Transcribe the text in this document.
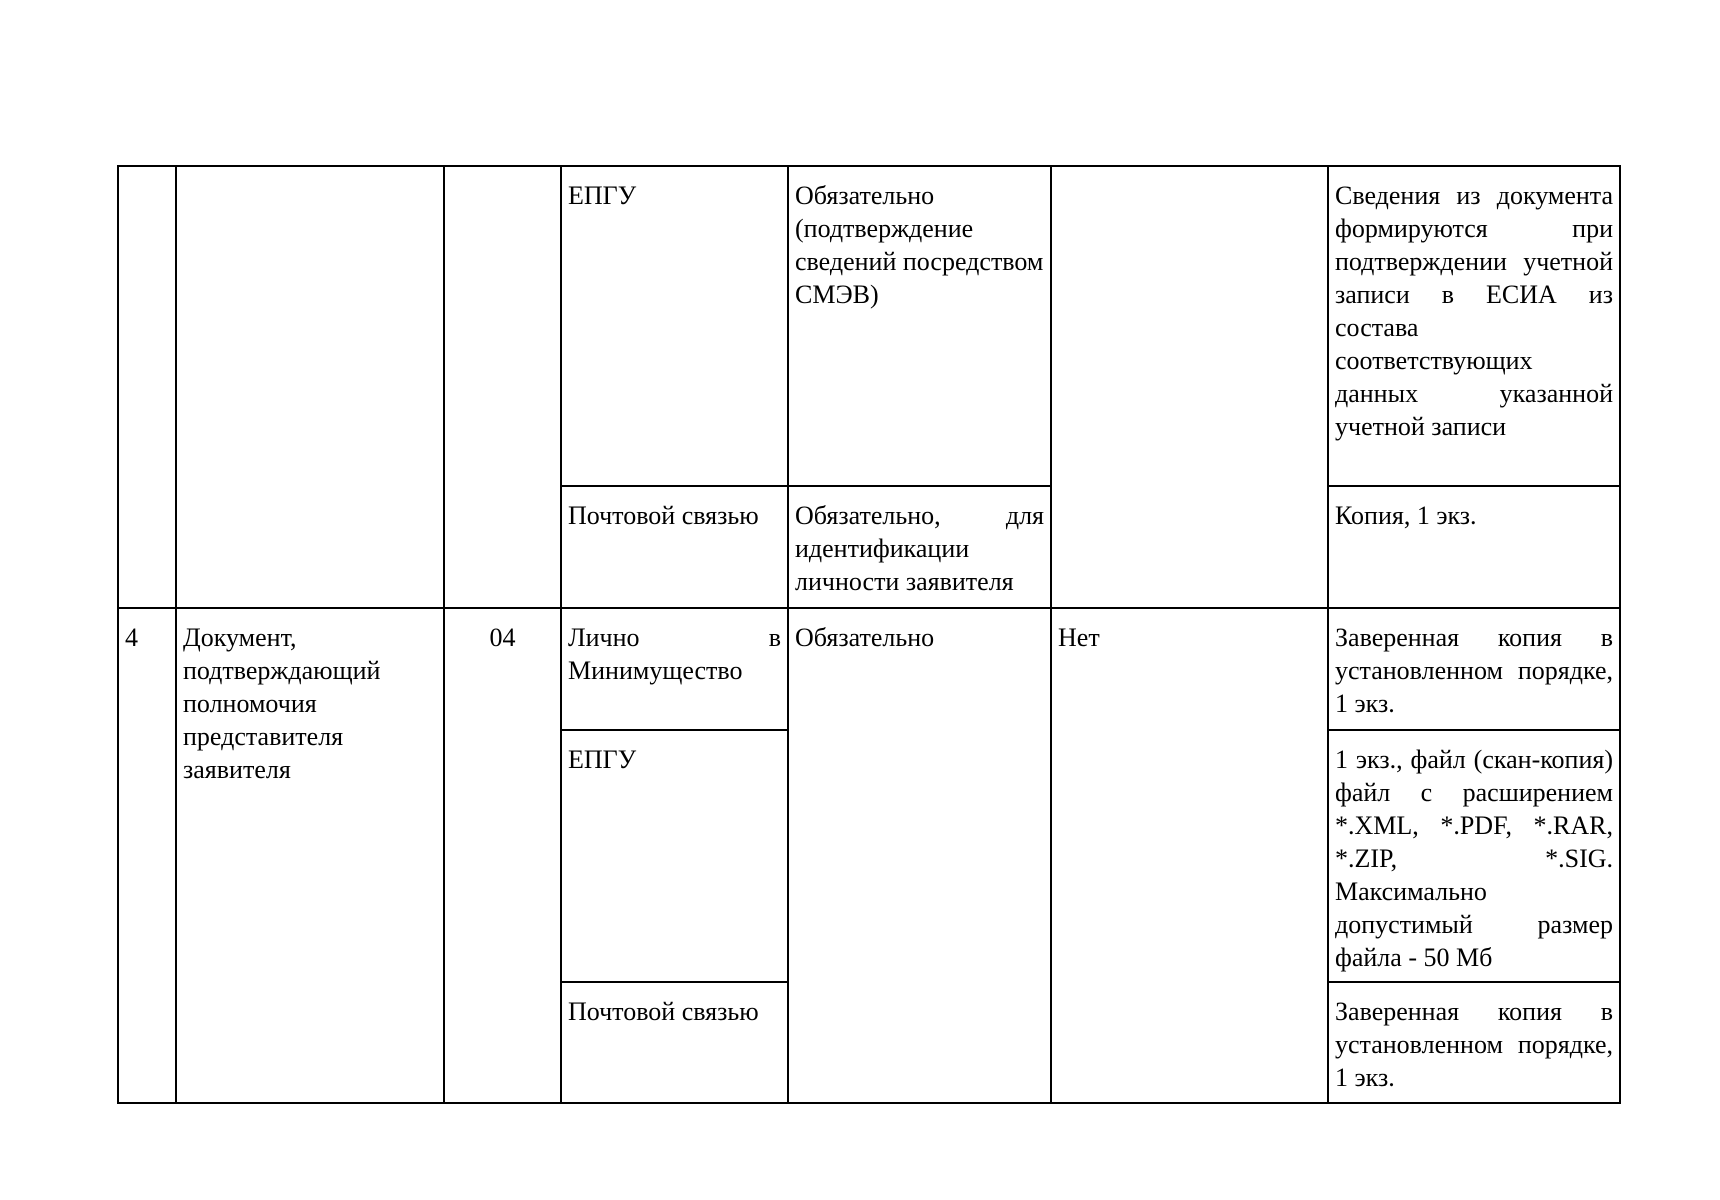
			ЕПГУ	Обязательно (подтверждение сведений посредством СМЭВ)		Сведения из документа формируются при подтверждении учетной записи в ЕСИА из состава соответствующих данных указанной учетной записи
			Почтовой связью	Обязательно, для идентификации личности заявителя		Копия, 1 экз.
4	Документ, подтверждающий полномочия представителя заявителя	04	Лично в Минимущество	Обязательно	Нет	Заверенная копия в установленном порядке, 1 экз.
			ЕПГУ			1 экз., файл (скан-копия) файл с расширением *.XML, *.PDF, *.RAR, *.ZIP, *.SIG. Максимально допустимый размер файла - 50 Мб
			Почтовой связью			Заверенная копия в установленном порядке, 1 экз.
